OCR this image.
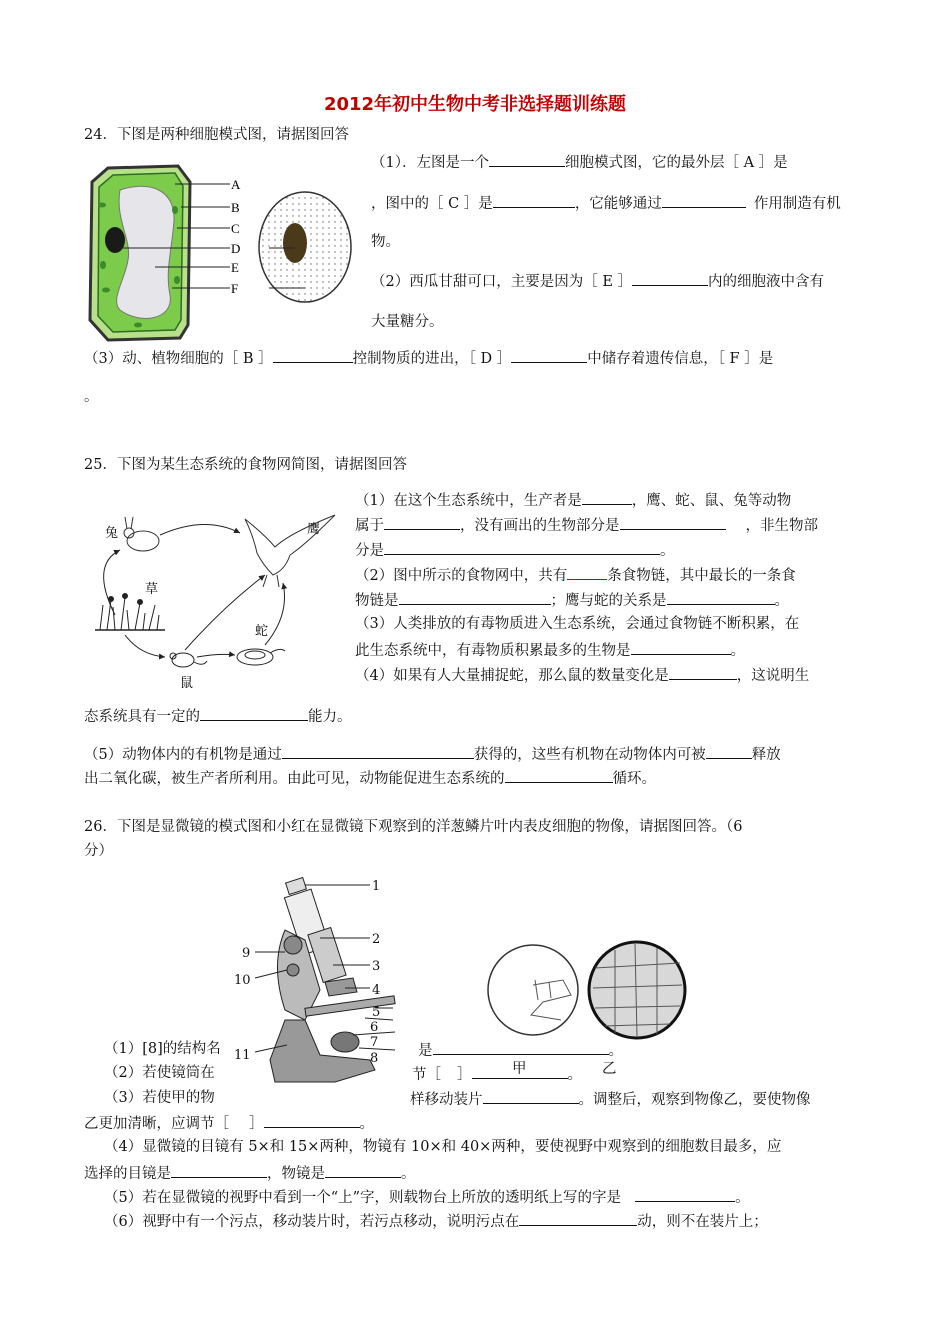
2012年初中生物中考非选择题训练题
24．下图是两种细胞模式图，请据图回答
A
B
C
D
E
F
（1）．左图是一个	细胞模式图，它的最外层［ A ］是
，图中的［ C ］是	，它能够通过	作用制造有机
物。
（2）西瓜甘甜可口，主要是因为［ E ］	内的细胞液中含有
大量糖分。
（3）动、植物细胞的［ B ］	控制物质的进出，［ D ］	中储存着遗传信息，［ F ］是
。
25．下图为某生态系统的食物网简图，请据图回答
兔	鹰
草
蛇
鼠
（1）在这个生态系统中，生产者是	，鹰、蛇、鼠、兔等动物
属于	，没有画出的生物部分是	，非生物部
分是	。
（2）图中所示的食物网中，共有	条食物链，其中最长的一条食
物链是	；鹰与蛇的关系是	。
（3）人类排放的有毒物质进入生态系统，会通过食物链不断积累，在
此生态系统中，有毒物质积累最多的生物是	。
（4）如果有人大量捕捉蛇，那么鼠的数量变化是	，这说明生
态系统具有一定的	能力。
（5）动物体内的有机物是通过	获得的，这些有机物在动物体内可被	释放
出二氧化碳，被生产者所利用。由此可见，动物能促进生态系统的	循环。
26．下图是显微镜的模式图和小红在显微镜下观察到的洋葱鳞片叶内表皮细胞的物像，请据图回答。（6
分）
1
2
3
4
5
6
7
8
9
10
11
甲	乙
（1）[8]的结构名	是	。
（2）若使镜筒在	节［ ］	。
（3）若使甲的物	样移动装片	。调整后，观察到物像乙，要使物像
乙更加清晰，应调节［ ］	。
（4）显微镜的目镜有 5×和 15×两种，物镜有 10×和 40×两种，要使视野中观察到的细胞数目最多，应
选择的目镜是	，物镜是	。
（5）若在显微镜的视野中看到一个“上”字，则载物台上所放的透明纸上写的字是	。
（6）视野中有一个污点，移动装片时，若污点移动，说明污点在	动，则不在装片上；
